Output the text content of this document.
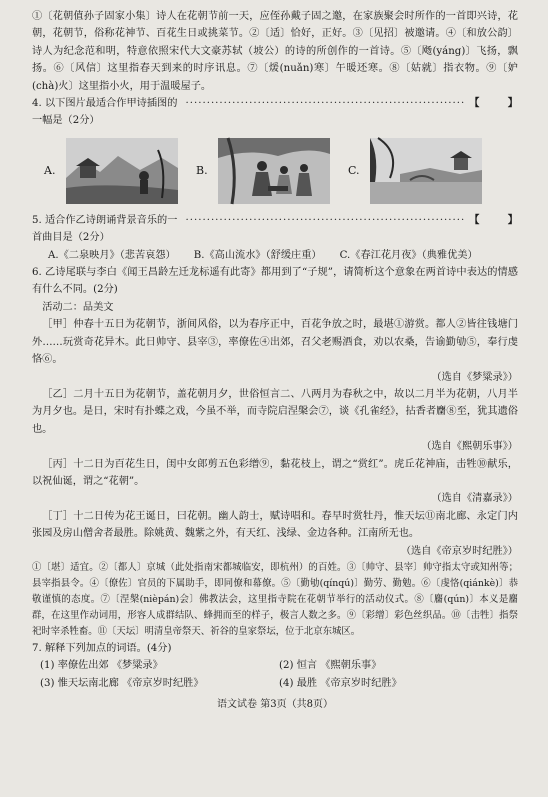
①〔花朝值孙子固家小集〕诗人在花朝节前一天，应侄孙戴子固之邀，在家族聚会时所作的一首即兴诗，花朝，花朝节，俗称花神节、百花生日或挑菜节。②〔适〕恰好，正好。③〔见招〕被邀请。④〔和放公韵〕诗人为纪念范和明，特意依照宋代大文豪苏轼（坡公）的诗的所创作的一首诗。⑤〔飏(yáng)〕飞扬，飘扬。⑥〔风信〕这里指春天到来的时序讯息。⑦〔煖(nuǎn)寒〕午暖还寒。⑧〔姑就〕指衣物。⑨〔妒(chà)火〕这里指小火，用于温暖屋子。

4. 以下图片最适合作甲诗插图的一幅是（2分）
·································································· 【        】
A.	B.	C.
5. 适合作乙诗朗诵背景音乐的一首曲目是（2分）
·································································· 【        】
A.《二泉映月》（悲苦哀怨） B.《高山流水》（舒缓庄重） C.《春江花月夜》（典雅优美）

6. 乙诗尾联与李白《闻王昌龄左迁龙标遥有此寄》都用到了“子规”，请简析这个意象在两首诗中表达的情感有什么不同。(2分)

活动二：品美文

［甲］仲春十五日为花朝节，浙间风俗，以为春序正中，百花争放之时，最堪①游赏。都人②皆往钱塘门外……玩赏奇花异木。此日帅守、县宰③，率僚佐④出郊，召父老赐酒食，劝以农桑，告谕勤劬⑤，奉行虔恪⑥。

（选自《梦粱录》）

［乙］二月十五日为花朝节，盖花朝月夕，世俗恒言二、八两月为春秋之中，故以二月半为花朝，八月半为月夕也。是日，宋时有扑蝶之戏，今虽不举，而寺院启涅槃会⑦，谈《孔雀经》，拈香者麕⑧至，犹其遗俗也。

（选自《熙朝乐事》）

［丙］十二日为百花生日，闺中女郎剪五色彩缯⑨，黏花枝上，谓之“赏红”。虎丘花神庙，击牲⑩献乐，以祝仙诞，谓之“花朝”。

（选自《清嘉录》）

［丁］十二日传为花王诞日，曰花朝。幽人韵士，赋诗唱和。春早时赏牡丹，惟天坛⑪南北廊、永定门内张园及房山僧舍者最胜。除姚黄、魏紫之外，有天红、浅绿、金边各种。江南所无也。

（选自《帝京岁时纪胜》）

①〔堪〕适宜。②〔都人〕京城（此处指南宋都城临安，即杭州）的百姓。③〔帅守、县宰〕帅守指太守或知州等；县宰指县令。④〔僚佐〕官员的下属助手，即同僚和幕僚。⑤〔勤劬(qínqú)〕勤劳、勤勉。⑥〔虔恪(qiánkè)〕恭敬谨慎的态度。⑦〔涅槃(nièpán)会〕佛教法会，这里指寺院在花朝节举行的活动仪式。⑧〔麕(qún)〕本义是麕群，在这里作动词用，形容人成群结队、蜂拥而至的样子，极言人数之多。⑨〔彩缯〕彩色丝织品。⑩〔击牲〕指祭祀时宰杀牲畜。⑪〔天坛〕明清皇帝祭天、祈谷的皇家祭坛，位于北京东城区。

7. 解释下列加点的词语。(4分)

(1) 率僚佐出郊 《梦粱录》	(2) 恒言 《熙朝乐事》
(3) 惟天坛南北廊 《帝京岁时纪胜》	(4) 最胜 《帝京岁时纪胜》
语文试卷 第3页（共8页）
